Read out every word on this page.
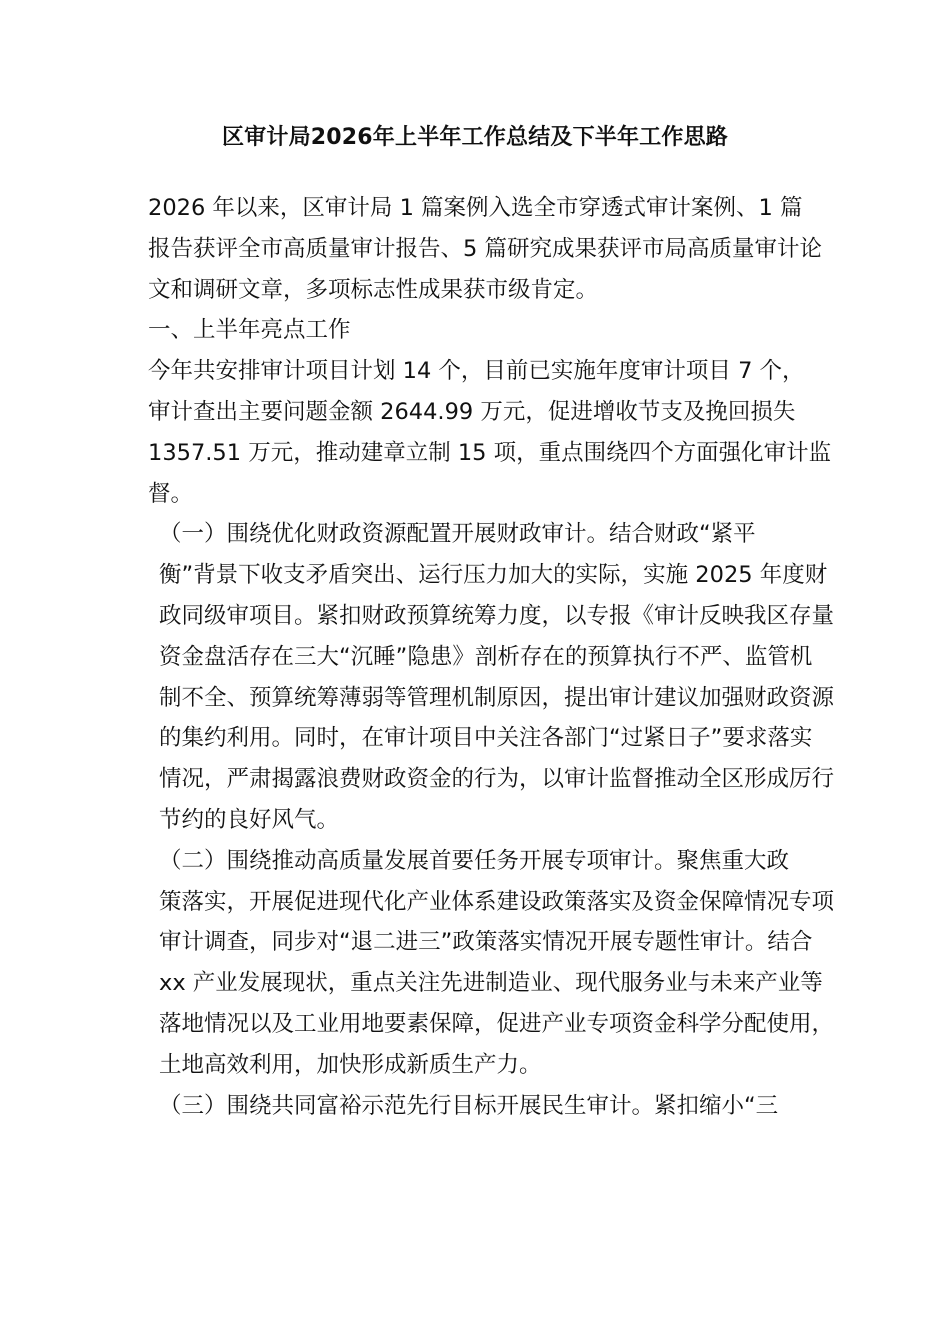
区审计局2026年上半年工作总结及下半年工作思路

2026 年以来，区审计局 1 篇案例入选全市穿透式审计案例、1 篇
报告获评全市高质量审计报告、5 篇研究成果获评市局高质量审计论
文和调研文章，多项标志性成果获市级肯定。

一、上半年亮点工作

今年共安排审计项目计划 14 个，目前已实施年度审计项目 7 个，
审计查出主要问题金额 2644.99 万元，促进增收节支及挽回损失
1357.51 万元，推动建章立制 15 项，重点围绕四个方面强化审计监
督。

（一）围绕优化财政资源配置开展财政审计。结合财政“紧平
衡”背景下收支矛盾突出、运行压力加大的实际，实施 2025 年度财
政同级审项目。紧扣财政预算统筹力度，以专报《审计反映我区存量
资金盘活存在三大“沉睡”隐患》剖析存在的预算执行不严、监管机
制不全、预算统筹薄弱等管理机制原因，提出审计建议加强财政资源
的集约利用。同时，在审计项目中关注各部门“过紧日子”要求落实
情况，严肃揭露浪费财政资金的行为，以审计监督推动全区形成厉行
节约的良好风气。

（二）围绕推动高质量发展首要任务开展专项审计。聚焦重大政
策落实，开展促进现代化产业体系建设政策落实及资金保障情况专项
审计调查，同步对“退二进三”政策落实情况开展专题性审计。结合
xx 产业发展现状，重点关注先进制造业、现代服务业与未来产业等
落地情况以及工业用地要素保障，促进产业专项资金科学分配使用，
土地高效利用，加快形成新质生产力。

（三）围绕共同富裕示范先行目标开展民生审计。紧扣缩小“三
